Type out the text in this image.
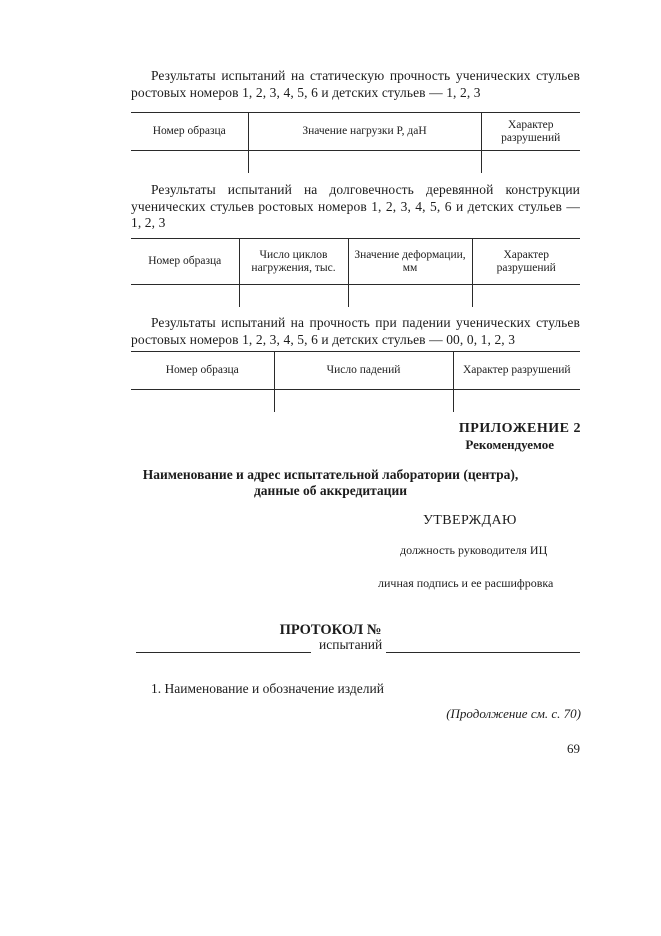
Результаты испытаний на статическую прочность ученических стульев ростовых номеров 1, 2, 3, 4, 5, 6 и детских стульев — 1, 2, 3

Номер образца	Значение нагрузки P, даН	Характер разрушений

Результаты испытаний на долговечность деревянной конструкции ученических стульев ростовых номеров 1, 2, 3, 4, 5, 6 и детских стульев — 1, 2, 3

Номер образца	Число циклов нагружения, тыс.	Значение деформации, мм	Характер разрушений

Результаты испытаний на прочность при падении ученических стульев ростовых номеров 1, 2, 3, 4, 5, 6 и детских стульев — 00, 0, 1, 2, 3

Номер образца	Число падений	Характер разрушений

ПРИЛОЖЕНИЕ 2
Рекомендуемое
Наименование и адрес испытательной лаборатории (центра),
данные об аккредитации
УТВЕРЖДАЮ
должность руководителя ИЦ
личная подпись и ее расшифровка
ПРОТОКОЛ №
испытаний
1. Наименование и обозначение изделий
(Продолжение см. с. 70)
69
